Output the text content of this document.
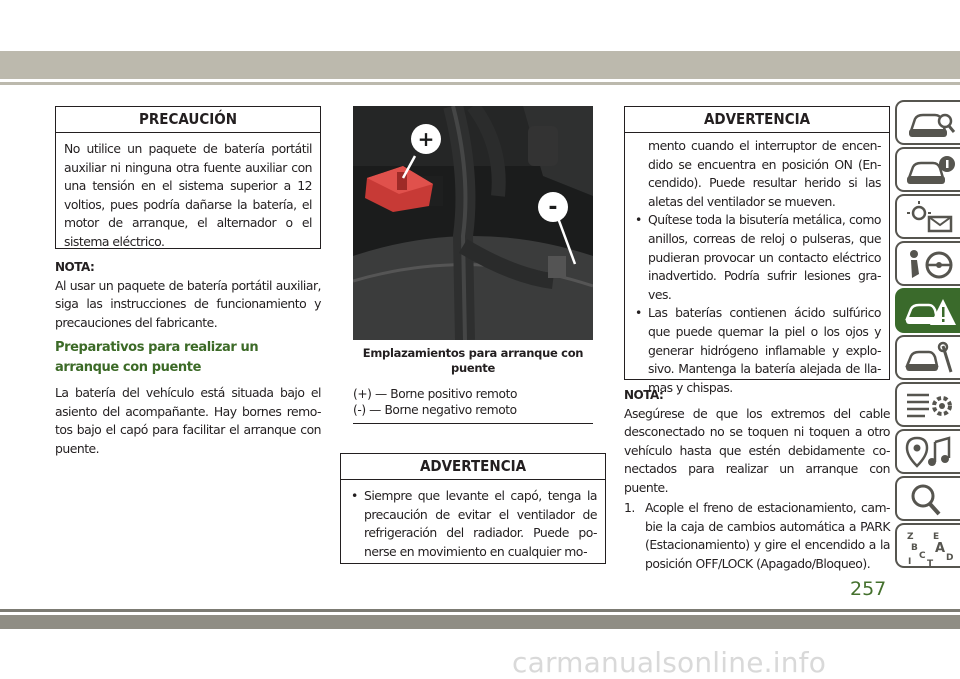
PRECAUCIÓN
No utilice un paquete de batería portátil auxiliar ni ninguna otra fuente auxiliar con una tensión en el sistema superior a 12 voltios, pues podría dañarse la batería, el motor de arranque, el alternador o el sistema eléctrico.
NOTA:
Al usar un paquete de batería portátil auxiliar, siga las instrucciones de funcionamiento y precauciones del fabricante.
Preparativos para realizar un arranque con puente
La batería del vehículo está situada bajo el asiento del acompañante. Hay bornes remo-tos bajo el capó para facilitar el arranque con puente.
+
-
Emplazamientos para arranque con puente
(+) — Borne positivo remoto
(-) — Borne negativo remoto
ADVERTENCIA
• Siempre que levante el capó, tenga la precaución de evitar el ventilador de refrigeración del radiador. Puede po-nerse en movimiento en cualquier mo-
ADVERTENCIA
mento cuando el interruptor de encen-dido se encuentra en posición ON (En-cendido). Puede resultar herido si las aletas del ventilador se mueven.
• Quítese toda la bisutería metálica, como anillos, correas de reloj o pulseras, que pudieran provocar un contacto eléctrico inadvertido. Podría sufrir lesiones gra-ves.
• Las baterías contienen ácido sulfúrico que puede quemar la piel o los ojos y generar hidrógeno inflamable y explo-sivo. Mantenga la batería alejada de lla-mas y chispas.
NOTA:
Asegúrese de que los extremos del cable desconectado no se toquen ni toquen a otro vehículo hasta que estén debidamente co-nectados para realizar un arranque con puente.
1. Acople el freno de estacionamiento, cam-bie la caja de cambios automática a PARK (Estacionamiento) y gire el encendido a la posición OFF/LOCK (Apagado/Bloqueo).
Z E
B A
C D
I T
257
carmanualsonline.info
